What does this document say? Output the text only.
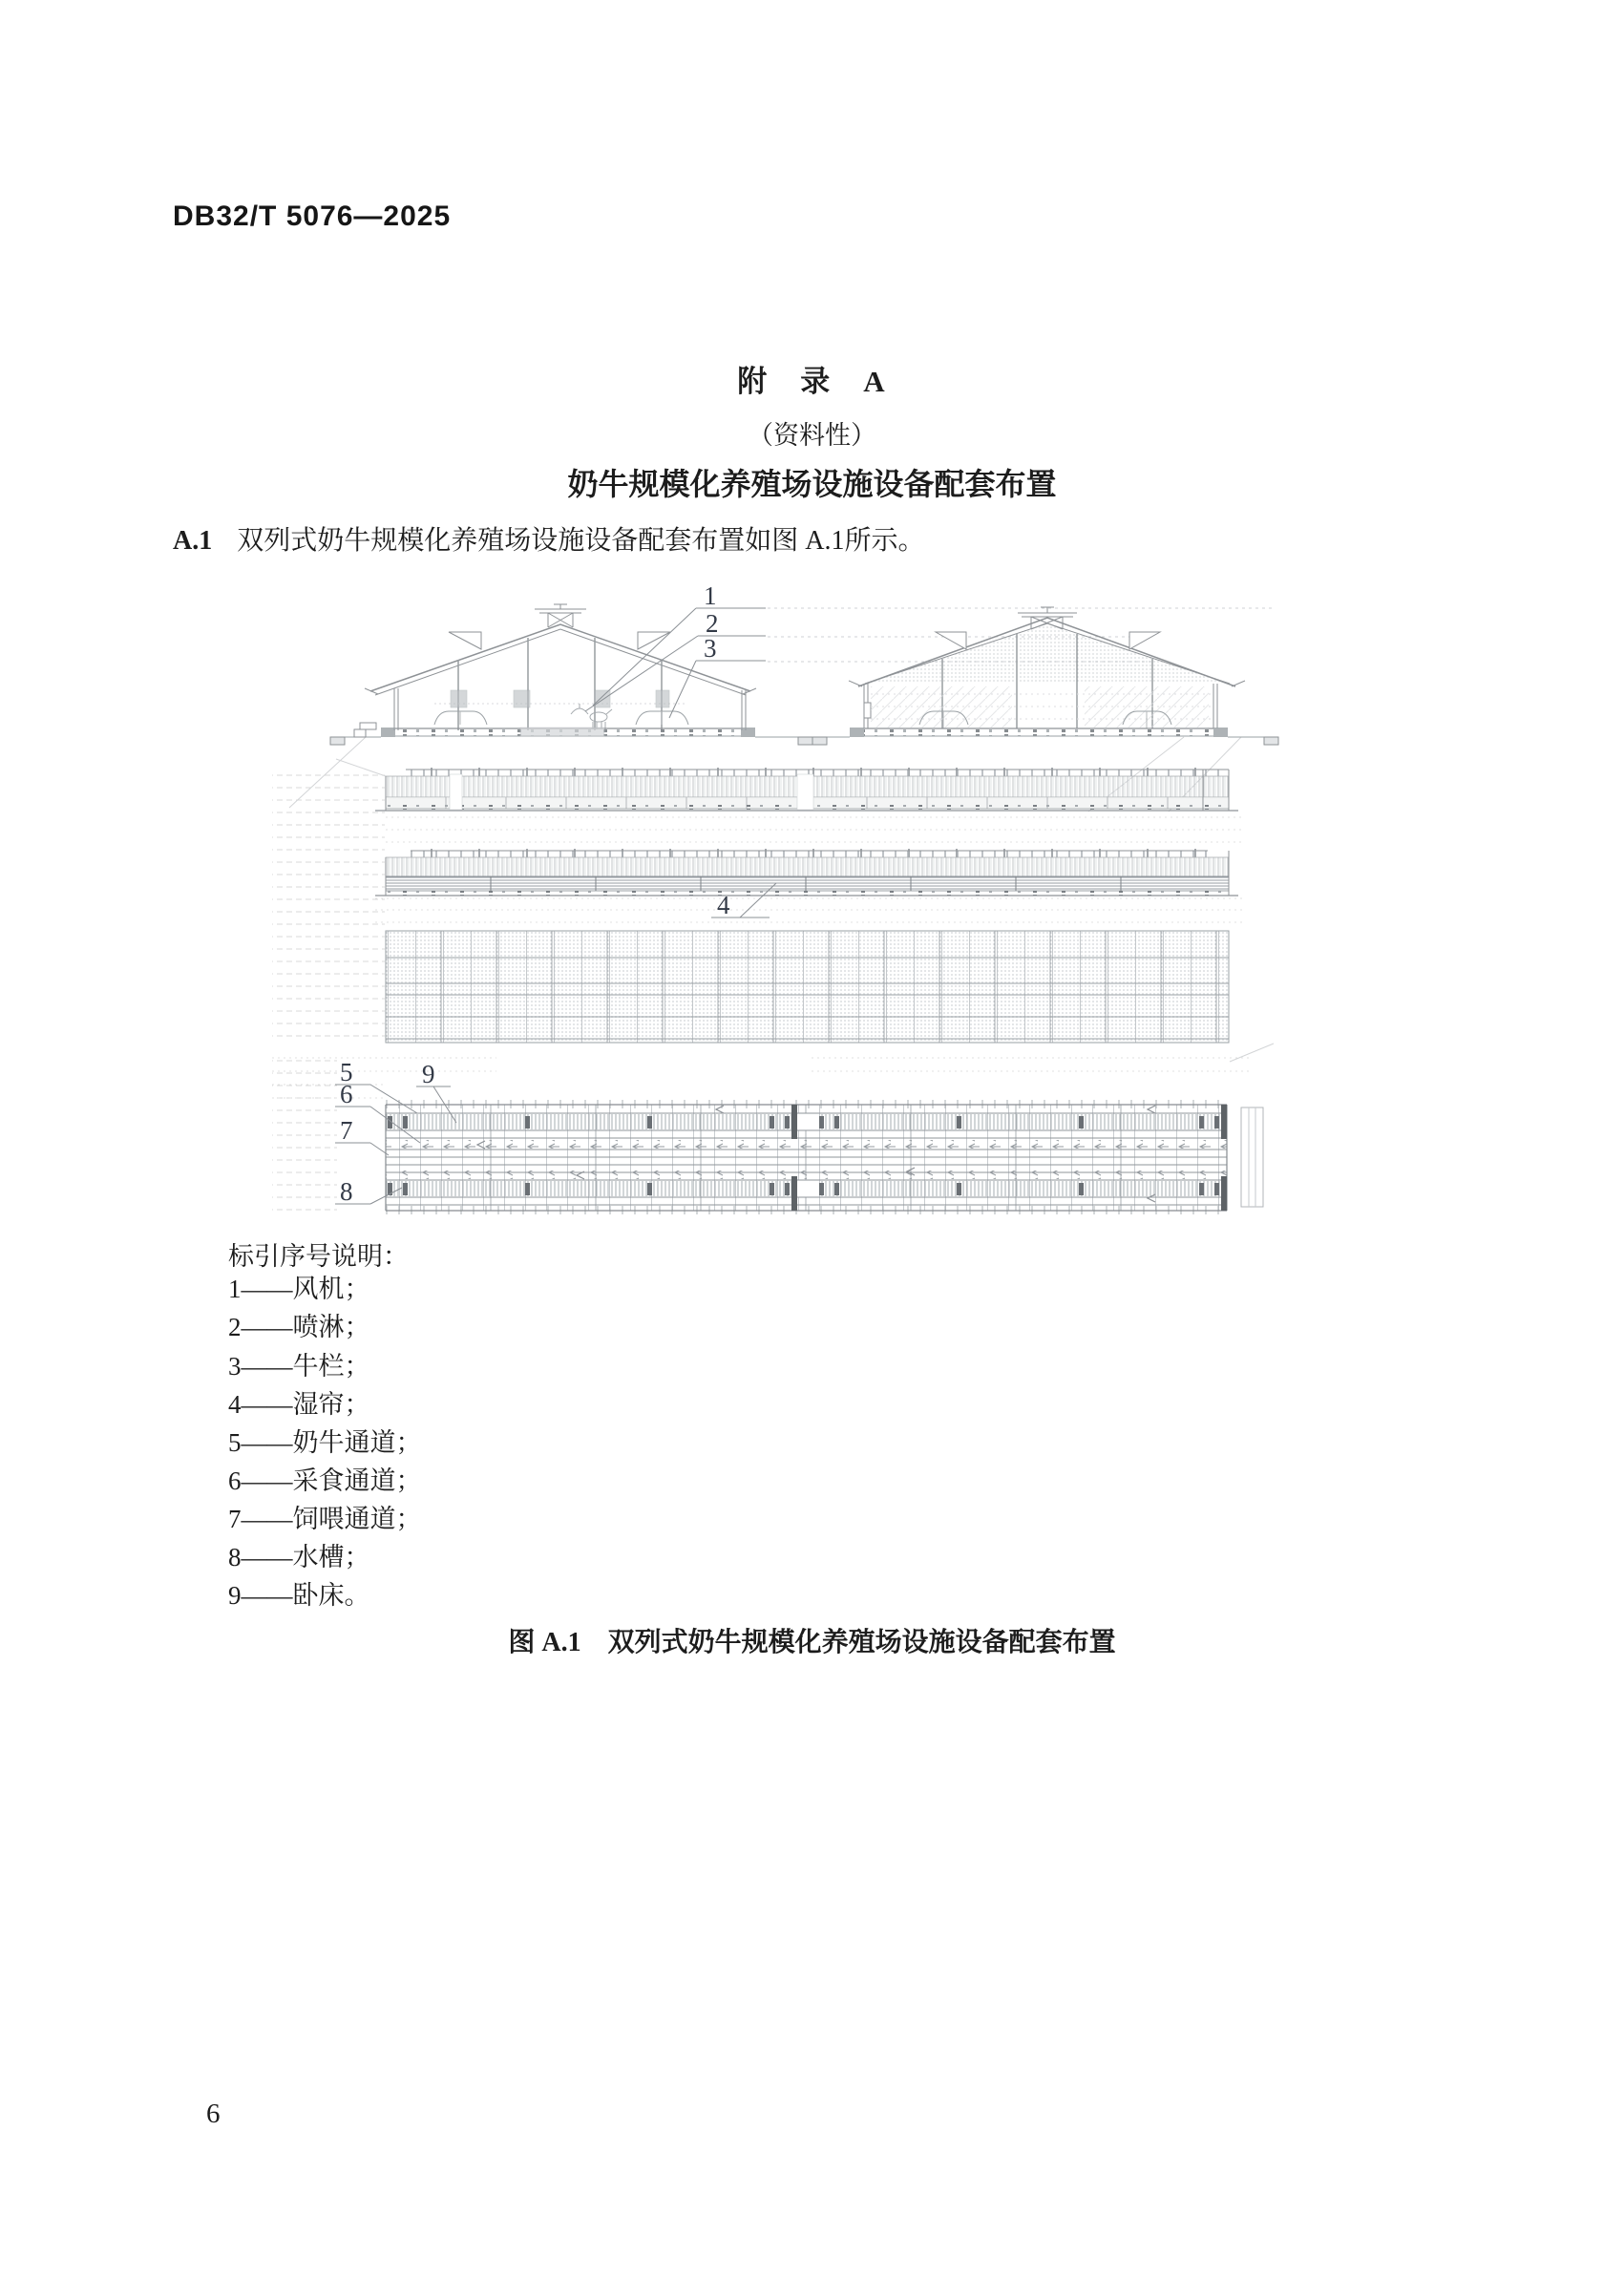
DB32/T 5076—2025
附　录　A
（资料性）
奶牛规模化养殖场设施设备配套布置
A.1 双列式奶牛规模化养殖场设施设备配套布置如图 A.1所示。
1
2
3
4
5
6
7
8
9
标引序号说明：
1——风机；
2——喷淋；
3——牛栏；
4——湿帘；
5——奶牛通道；
6——采食通道；
7——饲喂通道；
8——水槽；
9——卧床。
图 A.1　双列式奶牛规模化养殖场设施设备配套布置
6
